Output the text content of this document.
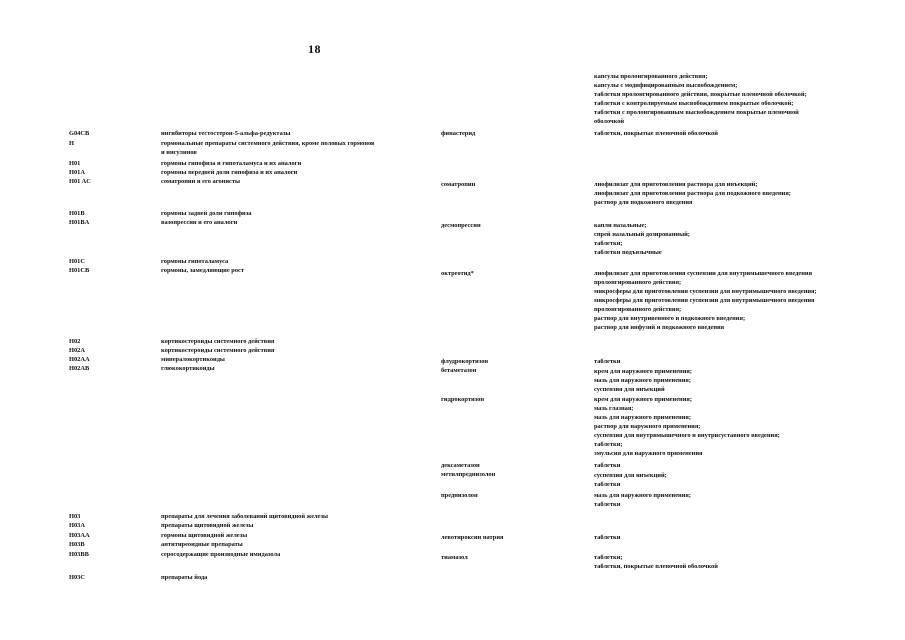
18
капсулы пролонгированного действия;
капсулы с модифицированным высвобождением;
таблетки пролонгированного действия, покрытые пленочной оболочкой;
таблетки с контролируемым высвобождением покрытые оболочкой;
таблетки с пролонгированным высвобождением покрытые пленочной
оболочкой
G04CB	ингибиторы тестостерон-5-альфа-редуктазы	финастерид	таблетки, покрытые пленочной оболочкой
H	гормональные препараты системного действия, кроме половых гормонов
и инсулинов
H01	гормоны гипофиза и гипоталамуса и их аналоги
H01A	гормоны передней доли гипофиза и их аналоги
H01 AC	соматропин и его агонисты	соматропин	лиофилизат для приготовления раствора для инъекций;
лиофилизат для приготовления раствора для подкожного введения;
раствор для подкожного введения
H01B	гормоны задней доли гипофиза
H01BA	вазопрессин и его аналоги	десмопрессин	капли назальные;
спрей назальный дозированный;
таблетки;
таблетки подъязычные
H01C	гормоны гипоталамуса
H01CB	гормоны, замедляющие рост	октреотид*	лиофилизат для приготовления суспензии для внутримышечного введения
пролонгированного действия;
микросферы для приготовления суспензии для внутримышечного введения;
микросферы для приготовления суспензии для внутримышечного введения
пролонгированного действия;
раствор для внутривенного и подкожного введения;
раствор для инфузий и подкожного введения
H02	кортикостероиды системного действия
H02A	кортикостероиды системного действия
H02AA	минералокортикоиды	флудрокортизон	таблетки
H02AB	глюкокортикоиды	бетаметазон	крем для наружного применения;
мазь для наружного применения;
суспензия для инъекций
гидрокортизон	крем для наружного применения;
мазь глазная;
мазь для наружного применения;
раствор для наружного применения;
суспензия для внутримышечного и внутрисуставного введения;
таблетки;
эмульсия для наружного применения
дексаметазон	таблетки
метилпреднизолон	суспензия для инъекций;
таблетки
преднизолон	мазь для наружного применения;
таблетки
H03	препараты для лечения заболеваний щитовидной железы
H03A	препараты щитовидной железы
H03AA	гормоны щитовидной железы	левотироксин натрия	таблетки
H03B	антитиреоидные препараты
H03BB	серосодержащие производные имидазола	тиамазол	таблетки;
таблетки, покрытые пленочной оболочкой
H03C	препараты йода
